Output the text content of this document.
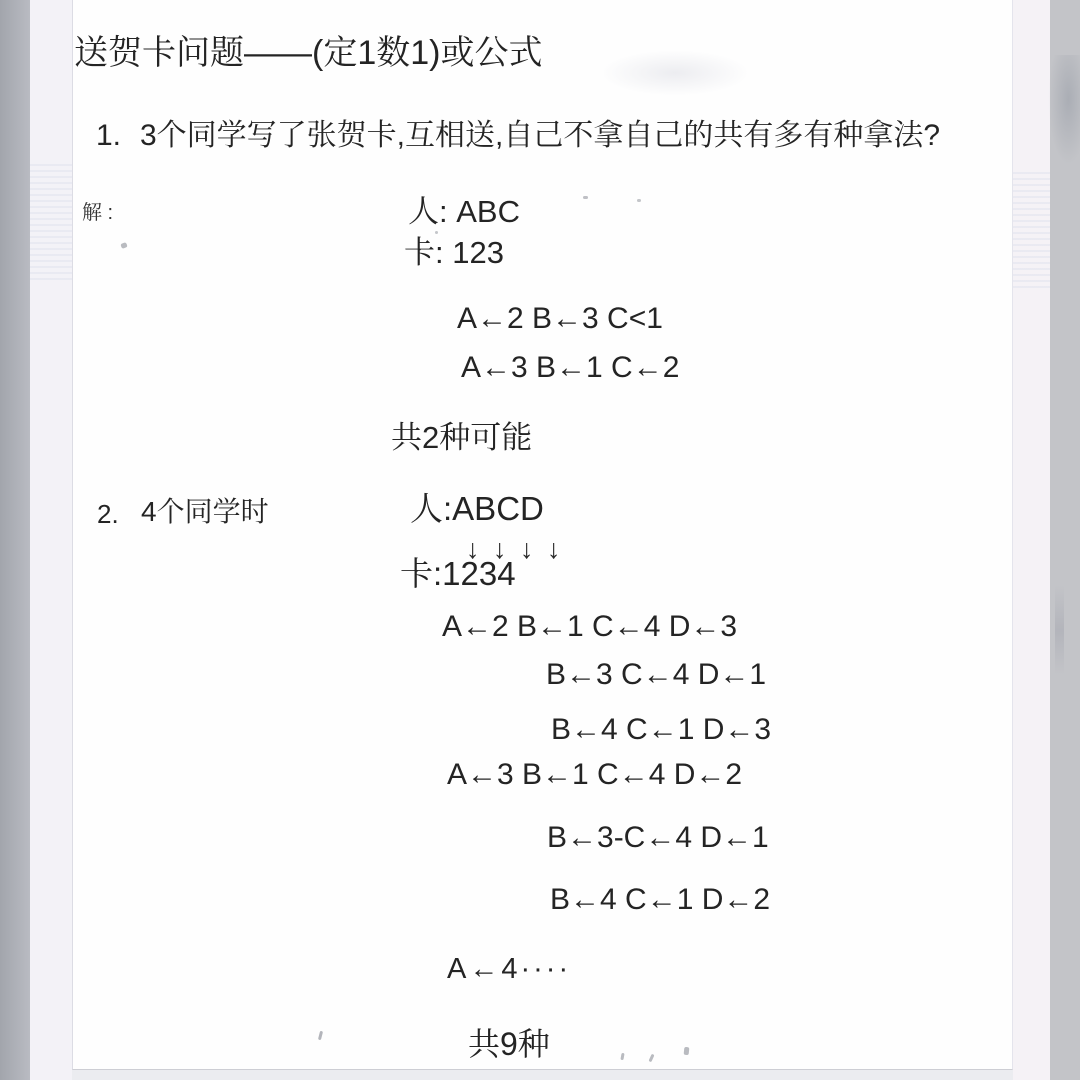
送贺卡问题——(定1数1)或公式
1. 3个同学写了张贺卡,互相送,自己不拿自己的共有多有种拿法?
解 :	人: ABC
卡: 123
A←2 B←3 C<1
A←3 B←1 C←2
共2种可能
2. 4个同学时	人:ABCD
↓ ↓ ↓ ↓
卡:1234
A←2 B←1 C←4 D←3
B←3 C←4 D←1
B←4 C←1 D←3
A←3 B←1 C←4 D←2
B←3-C←4 D←1
B←4 C←1 D←2
A←4····
共9种
